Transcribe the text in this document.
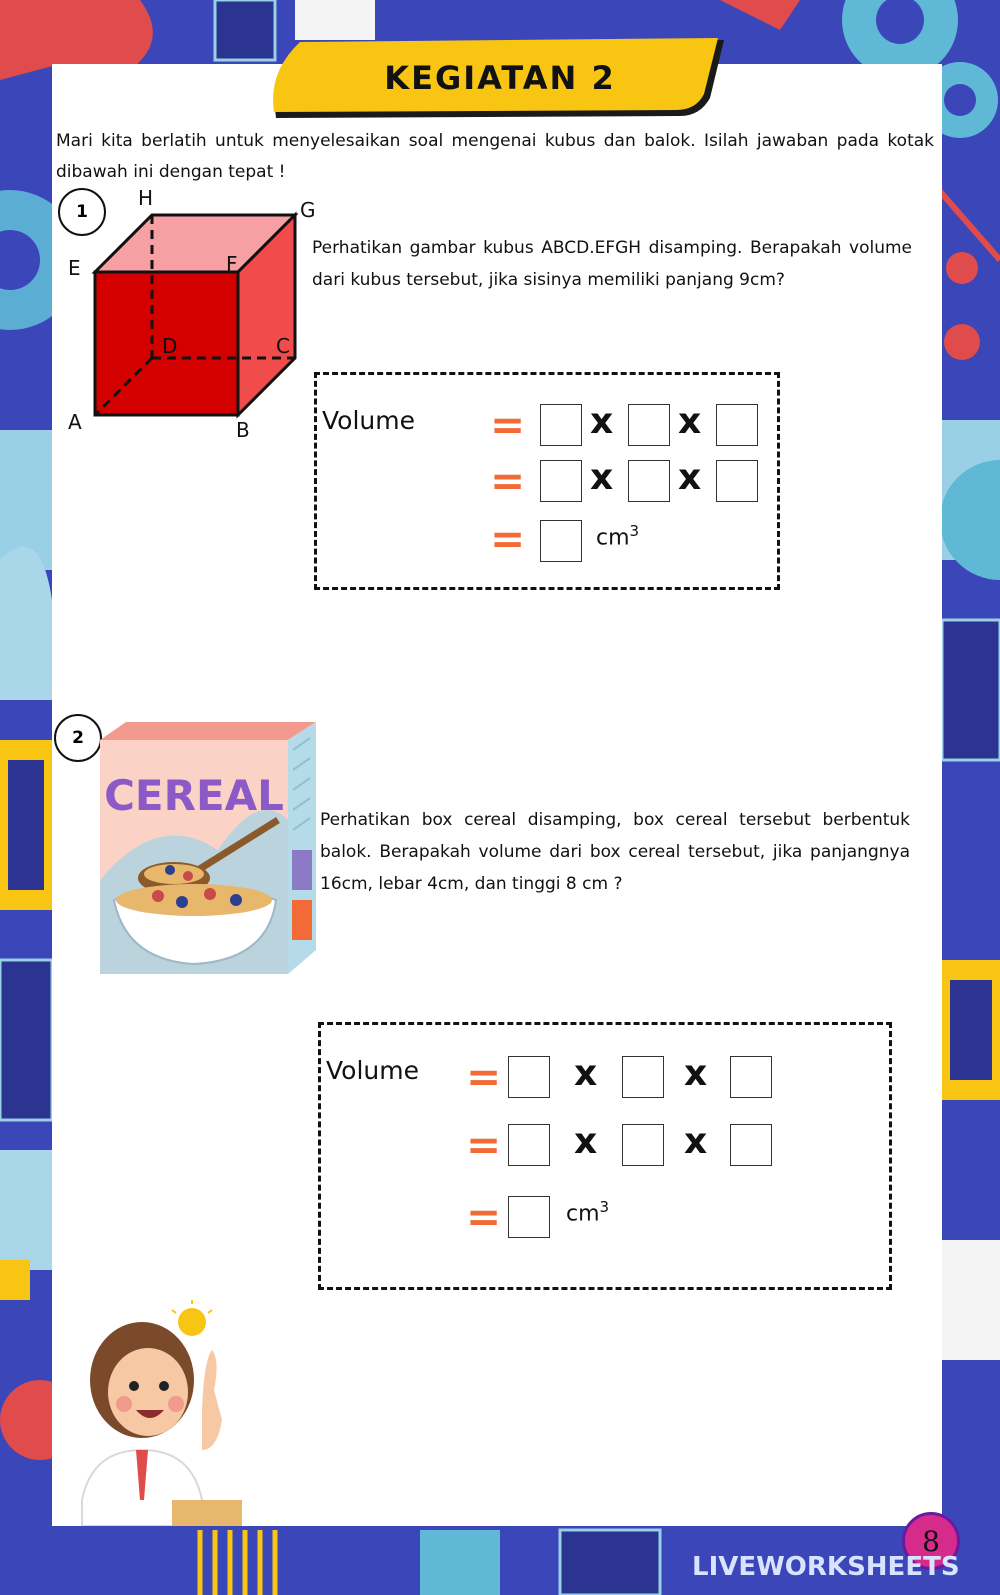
KEGIATAN 2
Mari kita berlatih untuk menyelesaikan soal mengenai kubus dan balok. Isilah jawaban pada kotak dibawah ini dengan tepat !
1
H	G
E	F
D	C
A	B
Perhatikan gambar kubus ABCD.EFGH disamping. Berapakah volume dari kubus tersebut, jika sisinya memiliki panjang 9cm?
Volume = x x
= x x
=	$cm^3$
2
CEREAL Perhatikan box cereal disamping, box cereal tersebut berbentuk balok. Berapakah volume dari box cereal tersebut, jika panjangnya 16cm, lebar 4cm, dan tinggi 8 cm ?
Volume = x x
= x x
=	$cm^3$
8
LIVEWORKSHEETS
